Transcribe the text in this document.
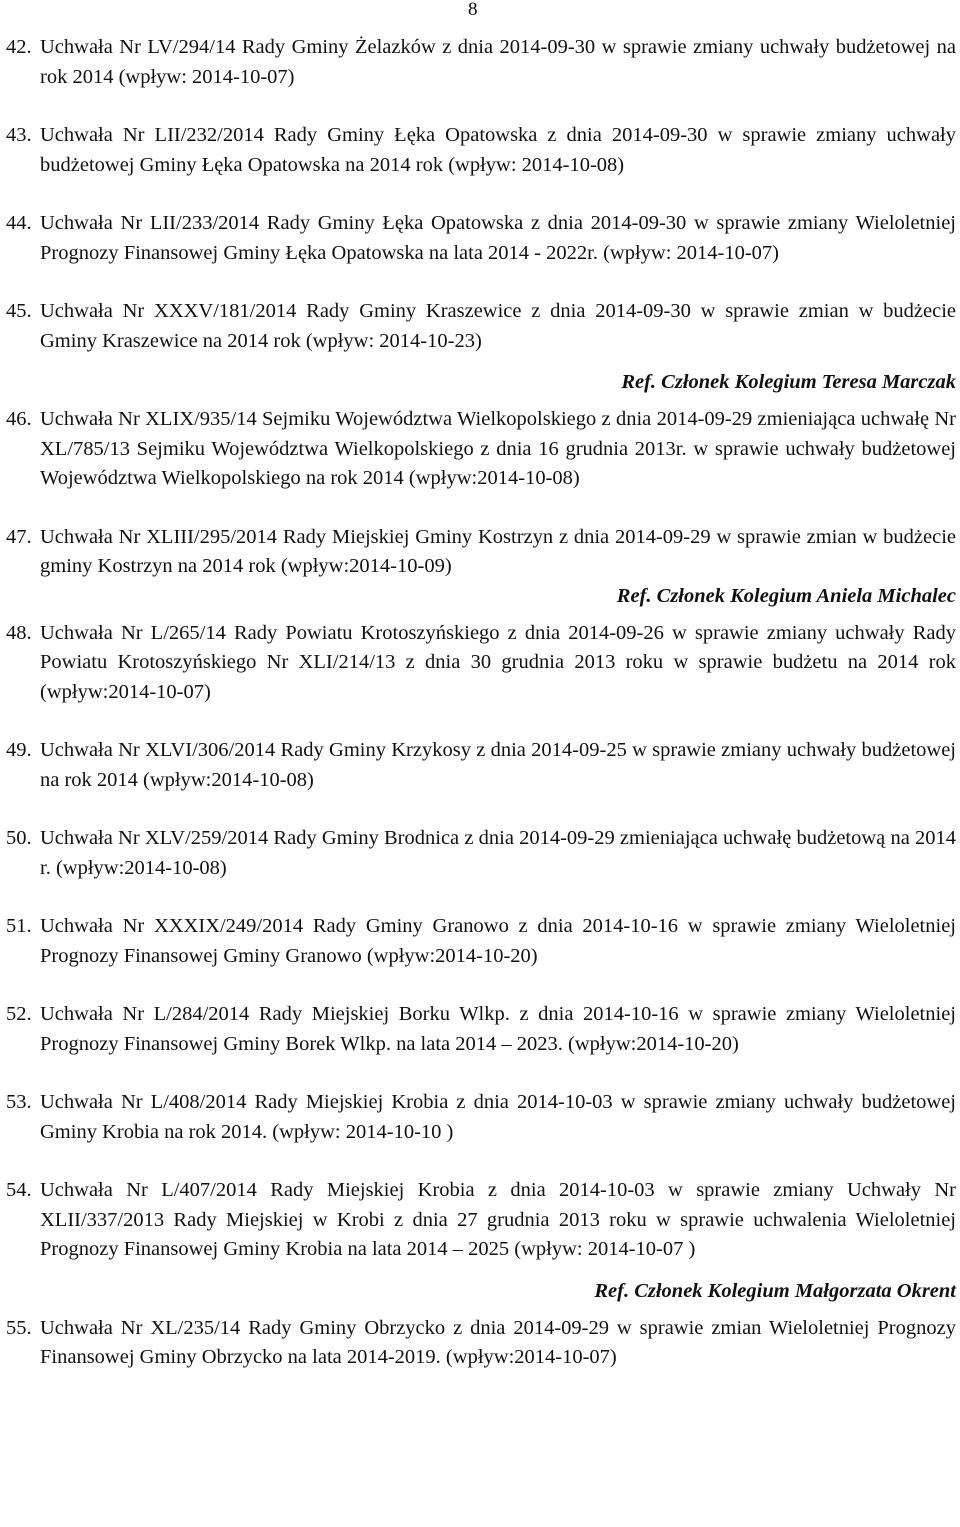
8

42. Uchwała Nr LV/294/14 Rady Gminy Żelazków z dnia 2014-09-30 w sprawie zmiany uchwały budżetowej na rok 2014 (wpływ: 2014-10-07)

43. Uchwała Nr LII/232/2014 Rady Gminy Łęka Opatowska z dnia 2014-09-30 w sprawie zmiany uchwały budżetowej Gminy Łęka Opatowska na 2014 rok (wpływ: 2014-10-08)

44. Uchwała Nr LII/233/2014 Rady Gminy Łęka Opatowska z dnia 2014-09-30 w sprawie zmiany Wieloletniej Prognozy Finansowej Gminy Łęka Opatowska na lata 2014 - 2022r. (wpływ: 2014-10-07)

45. Uchwała Nr XXXV/181/2014 Rady Gminy Kraszewice z dnia 2014-09-30 w sprawie zmian w budżecie Gminy Kraszewice na 2014 rok (wpływ: 2014-10-23)

Ref. Członek Kolegium Teresa Marczak

46. Uchwała Nr XLIX/935/14 Sejmiku Województwa Wielkopolskiego z dnia 2014-09-29 zmieniająca uchwałę Nr XL/785/13 Sejmiku Województwa Wielkopolskiego z dnia 16 grudnia 2013r. w sprawie uchwały budżetowej Województwa Wielkopolskiego na rok 2014 (wpływ:2014-10-08)

47. Uchwała Nr XLIII/295/2014 Rady Miejskiej Gminy Kostrzyn z dnia 2014-09-29 w sprawie zmian w budżecie gminy Kostrzyn na 2014 rok (wpływ:2014-10-09)

Ref. Członek Kolegium Aniela Michalec

48. Uchwała Nr L/265/14 Rady Powiatu Krotoszyńskiego z dnia 2014-09-26 w sprawie zmiany uchwały Rady Powiatu Krotoszyńskiego Nr XLI/214/13 z dnia 30 grudnia 2013 roku w sprawie budżetu na 2014 rok (wpływ:2014-10-07)

49. Uchwała Nr XLVI/306/2014 Rady Gminy Krzykosy z dnia 2014-09-25 w sprawie zmiany uchwały budżetowej na rok 2014 (wpływ:2014-10-08)

50. Uchwała Nr XLV/259/2014 Rady Gminy Brodnica z dnia 2014-09-29 zmieniająca uchwałę budżetową na 2014 r. (wpływ:2014-10-08)

51. Uchwała Nr XXXIX/249/2014 Rady Gminy Granowo z dnia 2014-10-16 w sprawie zmiany Wieloletniej Prognozy Finansowej Gminy Granowo (wpływ:2014-10-20)

52. Uchwała Nr L/284/2014 Rady Miejskiej Borku Wlkp. z dnia 2014-10-16 w sprawie zmiany Wieloletniej Prognozy Finansowej Gminy Borek Wlkp. na lata 2014 – 2023. (wpływ:2014-10-20)

53. Uchwała Nr L/408/2014 Rady Miejskiej Krobia z dnia 2014-10-03 w sprawie zmiany uchwały budżetowej Gminy Krobia na rok 2014. (wpływ: 2014-10-10 )

54. Uchwała Nr L/407/2014 Rady Miejskiej Krobia z dnia 2014-10-03 w sprawie zmiany Uchwały Nr XLII/337/2013 Rady Miejskiej w Krobi z dnia 27 grudnia 2013 roku w sprawie uchwalenia Wieloletniej Prognozy Finansowej Gminy Krobia na lata 2014 – 2025 (wpływ: 2014-10-07 )

Ref. Członek Kolegium Małgorzata Okrent

55. Uchwała Nr XL/235/14 Rady Gminy Obrzycko z dnia 2014-09-29 w sprawie zmian Wieloletniej Prognozy Finansowej Gminy Obrzycko na lata 2014-2019. (wpływ:2014-10-07)
